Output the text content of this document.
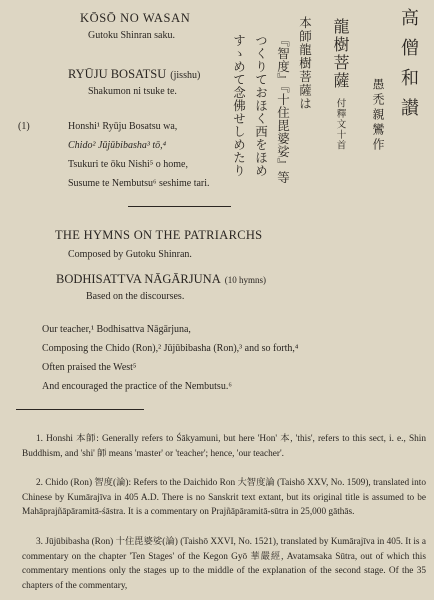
KŌSŌ NO WASAN
Gutoku Shinran saku.
RYŪJU BOSATSU (jisshu)
Shakumon ni tsuke te.
(1)	Honshi¹ Ryūju Bosatsu wa,
Chido² Jūjūbibasha³ tō,⁴
Tsukuri te ōku Nishi⁵ o home,
Susume te Nembutsu⁶ seshime tari.
高僧和讃
愚禿親鸞作
龍樹菩薩
付釋文十首
本師龍樹菩薩は
『智度』『十住毘婆娑』等
つくりておほく西をほめ
すゝめて念佛せしめたり
THE HYMNS ON THE PATRIARCHS
Composed by Gutoku Shinran.
BODHISATTVA NĀGĀRJUNA (10 hymns)
Based on the discourses.
Our teacher,¹ Bodhisattva Nāgārjuna,
Composing the Chido (Ron),² Jūjūbibasha (Ron),³ and so forth,⁴
Often praised the West⁵
And encouraged the practice of the Nembutsu.⁶
1. Honshi 本師: Generally refers to Śākyamuni, but here 'Hon' 本, 'this', refers to this sect, i. e., Shin Buddhism, and 'shi' 師 means 'master' or 'teacher'; hence, 'our teacher'.
2. Chido (Ron) 智度(論): Refers to the Daichido Ron 大智度論 (Taishō XXV, No. 1509), translated into Chinese by Kumārajīva in 405 A.D. There is no Sanskrit text extant, but its original title is assumed to be Mahāprajñāpāramitā-śāstra. It is a commentary on Prajñāpāramitā-sūtra in 25,000 gāthās.
3. Jūjūbibasha (Ron) 十住毘婆娑(論) (Taishō XXVI, No. 1521), translated by Kumārajīva in 405. It is a commentary on the chapter 'Ten Stages' of the Kegon Gyō 華嚴經, Avatamsaka Sūtra, out of which this commentary mentions only the stages up to the middle of the explanation of the second stage. Of the 35 chapters of the commentary,
